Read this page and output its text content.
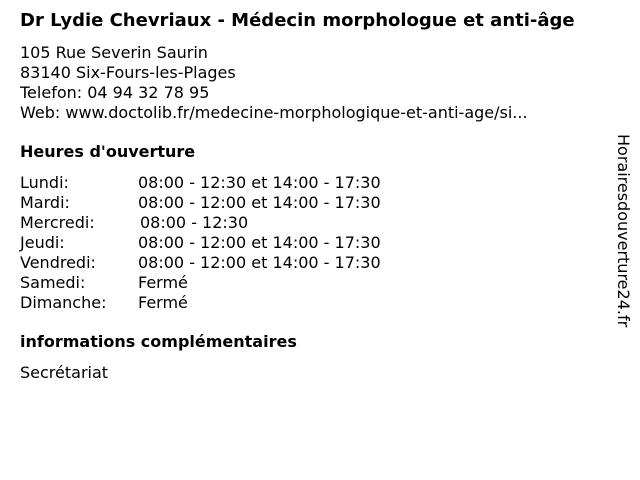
Dr Lydie Chevriaux - Médecin morphologue et anti-âge
105 Rue Severin Saurin
83140 Six-Fours-les-Plages
Telefon: 04 94 32 78 95
Web: www.doctolib.fr/medecine-morphologique-et-anti-age/si...
Heures d'ouverture
Lundi:	08:00 - 12:30 et 14:00 - 17:30
Mardi:	08:00 - 12:00 et 14:00 - 17:30
Mercredi:	08:00 - 12:30
Jeudi:	08:00 - 12:00 et 14:00 - 17:30
Vendredi:	08:00 - 12:00 et 14:00 - 17:30
Samedi:	Fermé
Dimanche: Fermé
informations complémentaires
Secrétariat
Horairesdouverture24.fr
